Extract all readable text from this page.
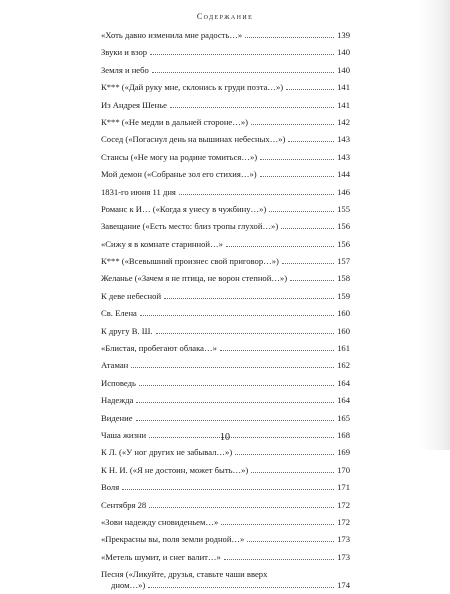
Содержание
«Хоть давно изменила мне радость…»	139
Звуки и взор	140
Земля и небо	140
К*** («Дай руку мне, склонись к груди поэта…»)	141
Из Андрея Шенье	141
К*** («Не медли в дальней стороне…»)	142
Сосед («Погаснул день на вышинах небесных…»)	143
Стансы («Не могу на родине томиться…»)	143
Мой демон («Собранье зол его стихия…»)	144
1831-го июня 11 дня	146
Романс к И… («Когда я унесу в чужбину…»)	155
Завещание («Есть место: близ тропы глухой…»)	156
«Сижу я в комнате старинной…»	156
К*** («Всевышний произнес свой приговор…»)	157
Желанье («Зачем я не птица, не ворон степной…»)	158
К деве небесной	159
Св. Елена	160
К другу В. Ш.	160
«Блистая, пробегают облака…»	161
Атаман	162
Исповедь	164
Надежда	164
Видение	165
Чаша жизни	168
К Л. («У ног других не забывал…»)	169
К Н. И. («Я не достоин, может быть…»)	170
Воля	171
Сентября 28	172
«Зови надежду сновиденьем…»	172
«Прекрасны вы, поля земли родной…»	173
«Метель шумит, и снег валит…»	173
Песня («Ликуйте, друзья, ставьте чаши вверх
дном…»)	174
10
